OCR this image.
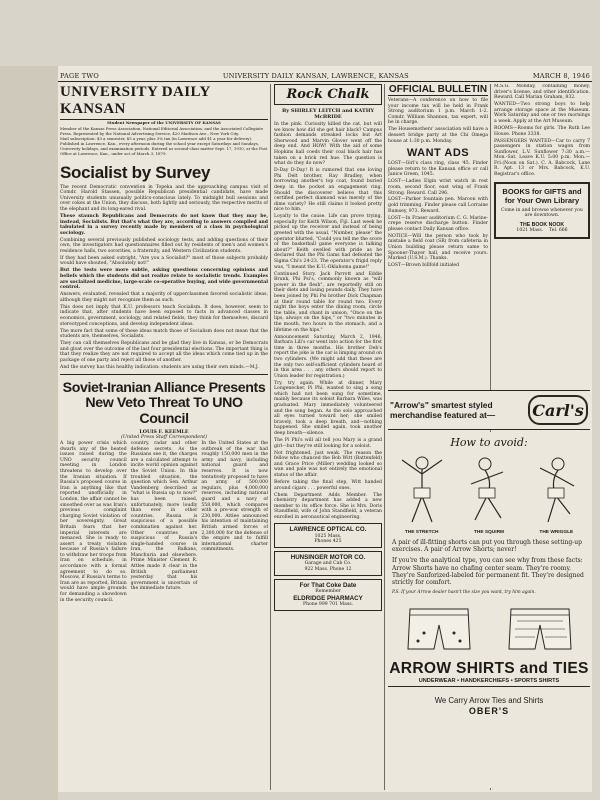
PAGE TWO	UNIVERSITY DAILY KANSAN, LAWRENCE, KANSAS	MARCH 8, 1946
UNIVERSITY DAILY KANSAN
Student Newspaper of the UNIVERSITY OF KANSAS
Member of the Kansas Press Association, National Editorial Association, and the Associated Collegiate Press. Represented by the National Advertising Service, 420 Madison Ave., New York City.
Mail subscription: $3 a semester, $5 a year, plus 3% tax (in Lawrence add $1 a year for delivery). Published in Lawrence, Kan., every afternoon during the school year except Saturdays and Sundays, University holidays, and examination periods. Entered as second-class matter Sept. 17, 1910, at the Post Office at Lawrence, Kan., under act of March 3, 1879.
Socialist by Survey

The recent Democratic convention in Topeka and the approaching campus visit of Comdr. Harold Stassen, possible Republican presidential candidate, have made University students unusually politics-conscious lately. To midnight bull sessions and over cokes at the Union, they discuss, both lightly and seriously, the respective merits of the elephant and its long-eared rival.

These staunch Republicans and Democrats do not know that they may be, instead, Socialists. But that's what they are, according to answers compiled and tabulated in a survey recently made by members of a class in psychological sociology.

Combining several previously published sociology tests, and adding questions of their own, the investigators had questionnaires filled out by residents of men's and women's residence halls, two sororities, a fraternity, and Western Civilization students.

If they had been asked outright, "Are you a Socialist?" most of those subjects probably would have shouted, "Absolutely not!"

But the tests were more subtle, asking questions concerning opinions and beliefs which the students did not realize relate to socialistic trends. Examples are socialized medicine, large-scale co-operative buying, and wide governmental control.

Answers, evaluated, revealed that a majority of upperclassmen favored socialistic ideas, although they might not recognize them as such.

This does not imply that K.U. professors teach Socialism. It does, however, seem to indicate that, after students have been exposed to facts in advanced classes in economics, government, sociology, and related fields, they think for themselves, discard stereotyped conceptions, and develop independent ideas.

The more fact that some of these ideas match those of Socialism does not mean that the students are, themselves, Socialists.

They can call themselves Republicans and be glad they live in Kansas, or be Democrats and gloat over the outcome of the last four presidential elections. The important thing is that they realize they are not required to accept all the ideas which come tied up in the package of one party and reject all those of another.

And the survey has this healthy indication: students are using their own minds.—M.J.

Soviet-Iranian Alliance Presents New Veto Threat To UNO Council
LOUIS F. KEEMLE
(United Press Staff Correspondent)

A big power crisis which dwarfs any of the heated issues raised during the UNO security council meeting in London threatens to develop over the Iranian situation. If Russia's proposed course in Iran is anything like that reported unofficially in London, the affair cannot be smoothed over as was Iran's previous complaint charging Soviet violation of her sovereignty. Great Britain fears that her imperial interests are menaced. She is ready to assert a treaty violation because of Russia's failure to withdraw her troops from Iran on schedule, in accordance with a formal agreement to do so. Moscow, if Russia's terms to Iran are as reported, Britain would have ample grounds for demanding a showdown in the security council.

country, radar and other defense secrets. As the Russians see it, the charges are a calculated attempt to incite world opinion against the Soviet Union. In this troubled situation, the question which Sen. Arthur Vandenberg described as "what is Russia up to now?" has been raised, unfortunately, more loudly than ever in other countries. Russia is suspicious of a possible combination against her. Other countries are suspicious of Russia's single-handed course in Iran, the Balkans, Manchuria and elsewhere. Prime Minister Clement R. Attlee made it clear in the British parliament yesterday that his government is uncertain of the immediate future.

In the United States at the outbreak of the war had roughly 150,000 men in the army and navy, including national guard and reserves. It is now tentatively proposed to have an army of 500,000 regulars, plus 4,000,000 reserves, including national guard and a navy of 558,000, which compares with a pre-war strength of 230,000. Attlee announced his intention of maintaining British armed forces of 2,300,000 for the defense of the empire and to fulfill international charter commitments.

Rock Chalk
By SHIRLEY LEITCH and KATHY McBRIDE

In the pink. Curiosity killed the cat, but will we know how did she get hair black? Campus fashion demands streaked locks but Art Sherwood and Marvin Glover went off the deep end. And HOW! With the aid of some Hopkins hall coeds their coal black hair has taken on a brick red hue. The question is what do they do now?

D-Day D-Day! It is rumored that one loving Phi Delt brother, Ray Bradley, when borrowing another's top coat, found buried deep in the pocket an engagement ring. Should the discoverer believe that this certified perfect diamond was merely of the dime variety? He still claims it looked pretty nice to him.

Loyalty to the cause. Life can prove trying, especially for Keith Wilson, Fiji. Last week he picked up the receiver and instead of being greeted with the usual, "Number, please" the operator blurted, "Could you tell me the score of the basketball game everyone is talking about?" Keith swelled with pride as he declared that the Phi Gams had defeated the Sigma Chi's 24-23. The operator's frigid reply was, "I meant the K.U.-Oklahoma game!"

Continued Story. Jack Parrott and Eddie Brunk, Phi Psi's, commonly known as "will power in the flesh", are reportedly still on their diets and losing pounds daily. They have been joined by Phi Psi brother Dick Chapman at their round table for round two. Every night the boys enter the dining room, circle the table, and chant in unison, "Once on the lips, always on the hips," or "two minutes in the mouth, two hours in the stomach, and a lifetime on the hips."

Announcement Saturday, March 2, 1946, Barbara Lill's car went into action for the first time in three months. His brother Deb's report the joke is the car is limping around on two cylinders. (We might add that these are the only two self-sufficient cylinders heard of in this area . . . any others should report to Union leader for registration.)

Try, try again. While at dinner, Mary Longenecker, Pi Phi, wanted to sing a song which had not been sung for sometime, mainly because its soloist Barbara Wiles, was graduated. Mary immediately volunteered and the song began. As the solo approached all eyes turned toward her; she smiled bravely, took a deep breath, and—nothing happened. She smiled again, took another deep breath—silence.

The Pi Phi's will all tell you Mary is a grand girl—but they're still looking for a soloist.

Not frightened, just weak. The reason the fellow who chanced the Bob Witt (Battenfeld) and Grace Price (Miller) wedding looked so wan and pale was not entirely the emotional status of the affair.

Before taking the final step, Witt handed around cigars . . . powerful ones.

Chem Department Adds Member. The chemistry department has added a new member to its office force. She is Mrs. Doris Standfield, wife of John Standfield, a veteran enrolled in aeronautical engineering.

LAWRENCE OPTICAL CO.
1025 Mass.
Phones 425
HUNSINGER MOTOR CO.
Garage and Cab Co.
922 Mass. Phone 12
For That Coke Date
Remember
ELDRIDGE PHARMACY
Phone 999 701 Mass.
OFFICIAL BULLETIN

Veterans—A conference on how to file your income tax will be held in Frank Strong auditorium 1 p.m. March 1-2. Comdr. William Shannon, tax expert, will be in charge.

The Housemothers' association will have a dessert bridge party at the Chi Omega house at 1:30 p.m. Monday.

WANT ADS

LOST—Girl's class ring, class '45. Finder please return to the Kansan office or call Janice Green, 1045.

LOST—Ladies Elgin wrist watch in rest room, second floor, east wing of Frank Strong. Reward. Call 296.

LOST—Parker fountain pen. Maroon with gold trimming. Finder please call Lorraine Rumsey, 973. Reward.

LOST—In Fraser auditorium C. G. Marine-crepe reserve discharge button. Finder please contact Daily Kansan office.

NOTICE—Will the person who took by mistake a field coat (SR) from cafeteria in Union building please return same to Spooner-Thayer hall, and receive yours. Marked (U.S.M.). Thanks.

LOST—Brown billfold initialed

M.S.G. Monday, containing money, driver's license, and other identification. Reward. Call Marian Graham, 832.

WANTED—Two strong boys to help arrange storage space at the Museum. Work Saturday and one or two mornings a week. Apply at the Art Museum.

ROOMS—Rooms for girls. The Ruth Lee House. Phone 3338.

PASSENGERS WANTED—Car to carry 7 passengers in station wagon from Sunflower, L.V. Sunflower 7:30 a.m.—Mon.-Sat. Leave K.U. 5:00 p.m. Mon.—Fri.(Noon on Sat.). C. A. Babcock, Lane R. Apt. 13 or Mrs. Babcock, K.U. Registrar's office.

BOOKS for GIFTS and for Your Own Library
Come in and browse whenever you are downtown.
THE BOOK NOOK
1021 Mass. Tel. 666
"Arrow's" smartest styled merchandise featured at—	Carl's
How to avoid:
THE STRETCH	THE SQUIRM	THE WRIGGLE
A pair of ill-fitting shorts can put you through these setting-up exercises. A pair of Arrow Shorts; never!
If you're the analytical type, you can see why from these facts: Arrow Shorts have no chafing center seam. They're roomy. They're Sanforized-labeled for permanent fit. They're designed strictly for comfort.
P.S. If your Arrow dealer hasn't the size you want, try him again.
ARROW SHIRTS and TIES
UNDERWEAR • HANDKERCHIEFS • SPORTS SHIRTS
We Carry Arrow Ties and Shirts
OBER'S
